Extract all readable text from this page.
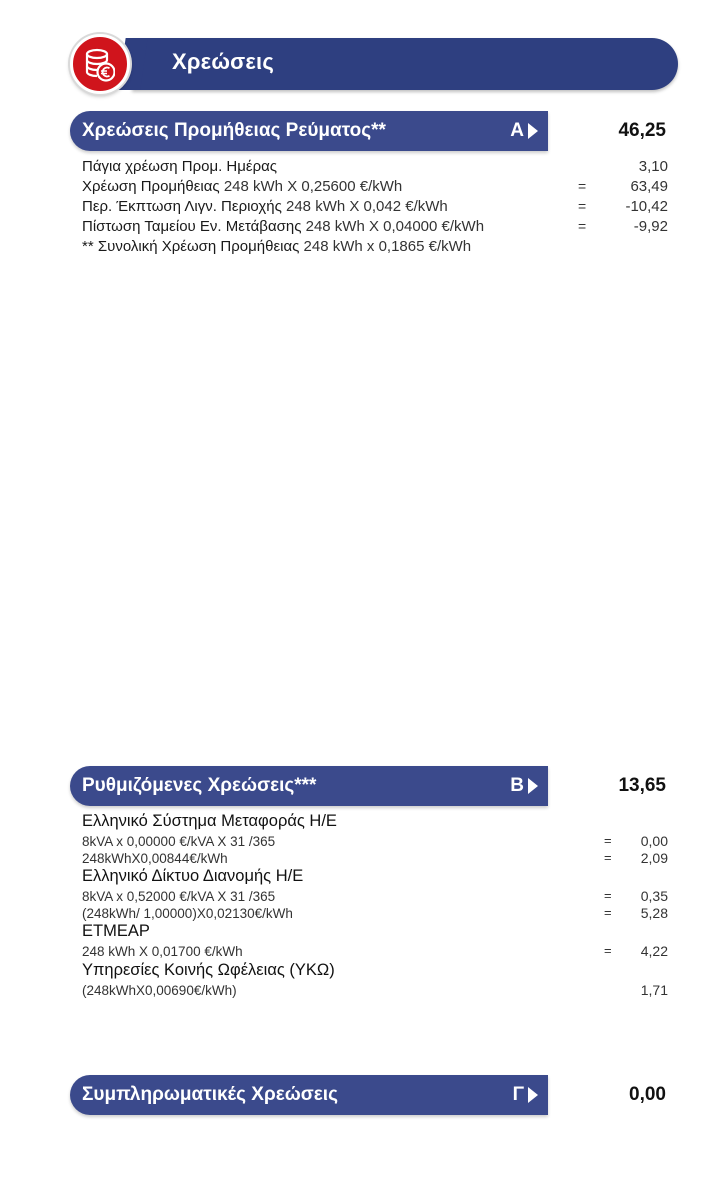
Χρεώσεις
Χρεώσεις Προμήθειας Ρεύματος**	Α	46,25
Πάγια χρέωση Προμ. Ημέρας	3,10
Χρέωση Προμήθειας 248 kWh X 0,25600 €/kWh	=	63,49
Περ. Έκπτωση Λιγν. Περιοχής 248 kWh X 0,042 €/kWh	=	-10,42
Πίστωση Ταμείου Εν. Μετάβασης 248 kWh X 0,04000 €/kWh	=	-9,92
** Συνολική Χρέωση Προμήθειας 248 kWh x 0,1865 €/kWh
Ρυθμιζόμενες Χρεώσεις***	Β	13,65
Ελληνικό Σύστημα Μεταφοράς Η/Ε
8kVA x 0,00000 €/kVA X 31 /365	= 0,00
248kWhX0,00844€/kWh	= 2,09
Ελληνικό Δίκτυο Διανομής Η/Ε
8kVA x 0,52000 €/kVA X 31 /365	= 0,35
(248kWh/ 1,00000)X0,02130€/kWh	= 5,28
ΕΤΜΕΑΡ
248 kWh X 0,01700 €/kWh	= 4,22
Υπηρεσίες Κοινής Ωφέλειας (ΥΚΩ)
(248kWhX0,00690€/kWh)	1,71
Συμπληρωματικές Χρεώσεις	Γ	0,00
